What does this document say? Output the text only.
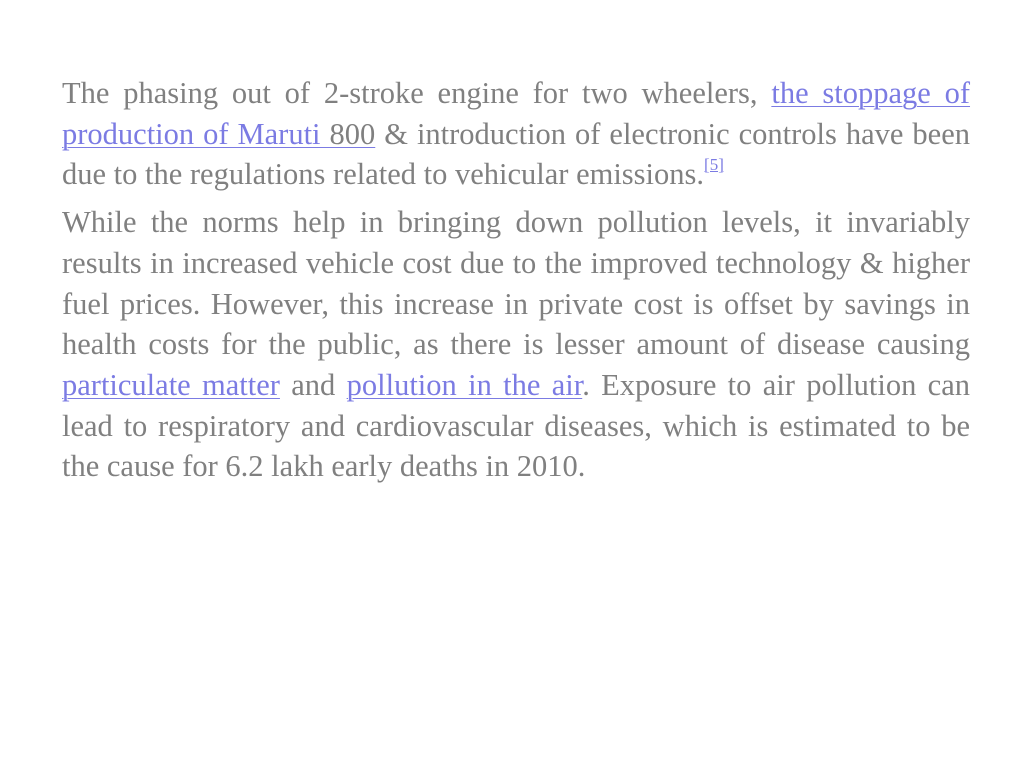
The phasing out of 2-stroke engine for two wheelers, the stoppage of production of Maruti 800 & introduction of electronic controls have been due to the regulations related to vehicular emissions.[5]

While the norms help in bringing down pollution levels, it invariably results in increased vehicle cost due to the improved technology & higher fuel prices. However, this increase in private cost is offset by savings in health costs for the public, as there is lesser amount of disease causing particulate matter and pollution in the air. Exposure to air pollution can lead to respiratory and cardiovascular diseases, which is estimated to be the cause for 6.2 lakh early deaths in 2010.
